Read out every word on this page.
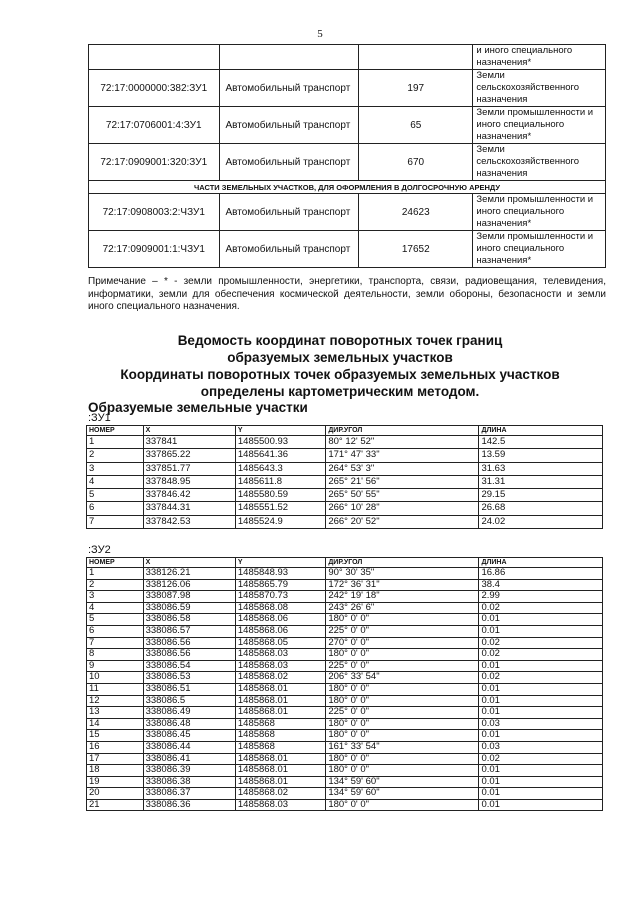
5
			и иного специального назначения*
72:17:0000000:382:ЗУ1	Автомобильный транспорт	197	Земли сельскохозяйственного назначения
72:17:0706001:4:ЗУ1	Автомобильный транспорт	65	Земли промышленности и иного специального назначения*
72:17:0909001:320:ЗУ1	Автомобильный транспорт	670	Земли сельскохозяйственного назначения
ЧАСТИ ЗЕМЕЛЬНЫХ УЧАСТКОВ, ДЛЯ ОФОРМЛЕНИЯ В ДОЛГОСРОЧНУЮ АРЕНДУ			
72:17:0908003:2:ЧЗУ1	Автомобильный транспорт	24623	Земли промышленности и иного специального назначения*
72:17:0909001:1:ЧЗУ1	Автомобильный транспорт	17652	Земли промышленности и иного специального назначения*
Примечание – * - земли промышленности, энергетики, транспорта, связи, радиовещания, телевидения, информатики, земли для обеспечения космической деятельности, земли обороны, безопасности и земли иного специального назначения.
Ведомость координат поворотных точек границ
образуемых земельных участков
Координаты поворотных точек образуемых земельных участков
определены картометрическим методом.
Образуемые земельные участки
:ЗУ1
НОМЕР	X	Y	ДИР.УГОЛ	ДЛИНА
1	337841	1485500.93	80° 12' 52"	142.5
2	337865.22	1485641.36	171° 47' 33"	13.59
3	337851.77	1485643.3	264° 53' 3"	31.63
4	337848.95	1485611.8	265° 21' 56"	31.31
5	337846.42	1485580.59	265° 50' 55"	29.15
6	337844.31	1485551.52	266° 10' 28"	26.68
7	337842.53	1485524.9	266° 20' 52"	24.02
:ЗУ2
НОМЕР	X	Y	ДИР.УГОЛ	ДЛИНА
1	338126.21	1485848.93	90° 30' 35"	16.86
2	338126.06	1485865.79	172° 36' 31"	38.4
3	338087.98	1485870.73	242° 19' 18"	2.99
4	338086.59	1485868.08	243° 26' 6"	0.02
5	338086.58	1485868.06	180° 0' 0"	0.01
6	338086.57	1485868.06	225° 0' 0"	0.01
7	338086.56	1485868.05	270° 0' 0"	0.02
8	338086.56	1485868.03	180° 0' 0"	0.02
9	338086.54	1485868.03	225° 0' 0"	0.01
10	338086.53	1485868.02	206° 33' 54"	0.02
11	338086.51	1485868.01	180° 0' 0"	0.01
12	338086.5	1485868.01	180° 0' 0"	0.01
13	338086.49	1485868.01	225° 0' 0"	0.01
14	338086.48	1485868	180° 0' 0"	0.03
15	338086.45	1485868	180° 0' 0"	0.01
16	338086.44	1485868	161° 33' 54"	0.03
17	338086.41	1485868.01	180° 0' 0"	0.02
18	338086.39	1485868.01	180° 0' 0"	0.01
19	338086.38	1485868.01	134° 59' 60"	0.01
20	338086.37	1485868.02	134° 59' 60"	0.01
21	338086.36	1485868.03	180° 0' 0"	0.01
